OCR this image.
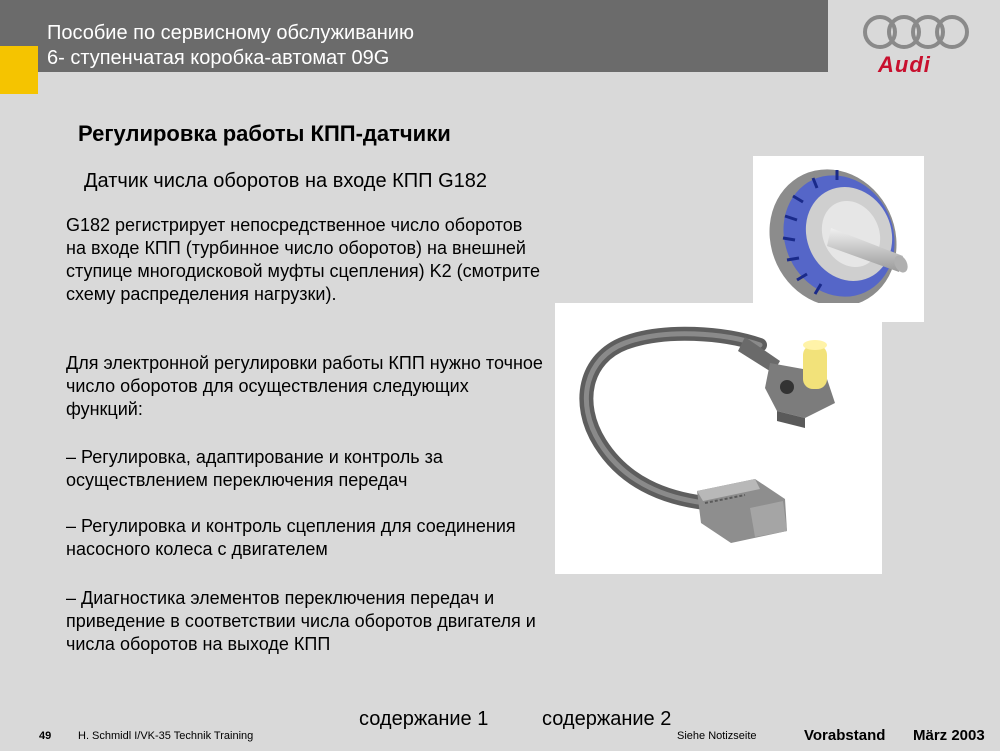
Пособие по сервисному обслуживанию
6- ступенчатая коробка-автомат 09G	Audi
Регулировка работы КПП-датчики
Датчик числа оборотов на входе КПП G182
G182 регистрирует непосредственное число оборотов на входе КПП (турбинное число оборотов) на внешней ступице многодисковой муфты сцепления) K2 (смотрите схему распределения нагрузки).
Для электронной регулировки работы КПП нужно точное число оборотов для осуществления следующих функций:
– Регулировка, адаптирование и контроль за осуществлением переключения передач
– Регулировка и контроль сцепления для соединения насосного колеса с двигателем
– Диагностика элементов переключения передач и приведение в соответствии числа оборотов двигателя и числа оборотов на выходе КПП
содержание 1	содержание 2
49 H. Schmidl I/VK-35 Technik Training	Siehe Notizseite	Vorabstand März 2003
